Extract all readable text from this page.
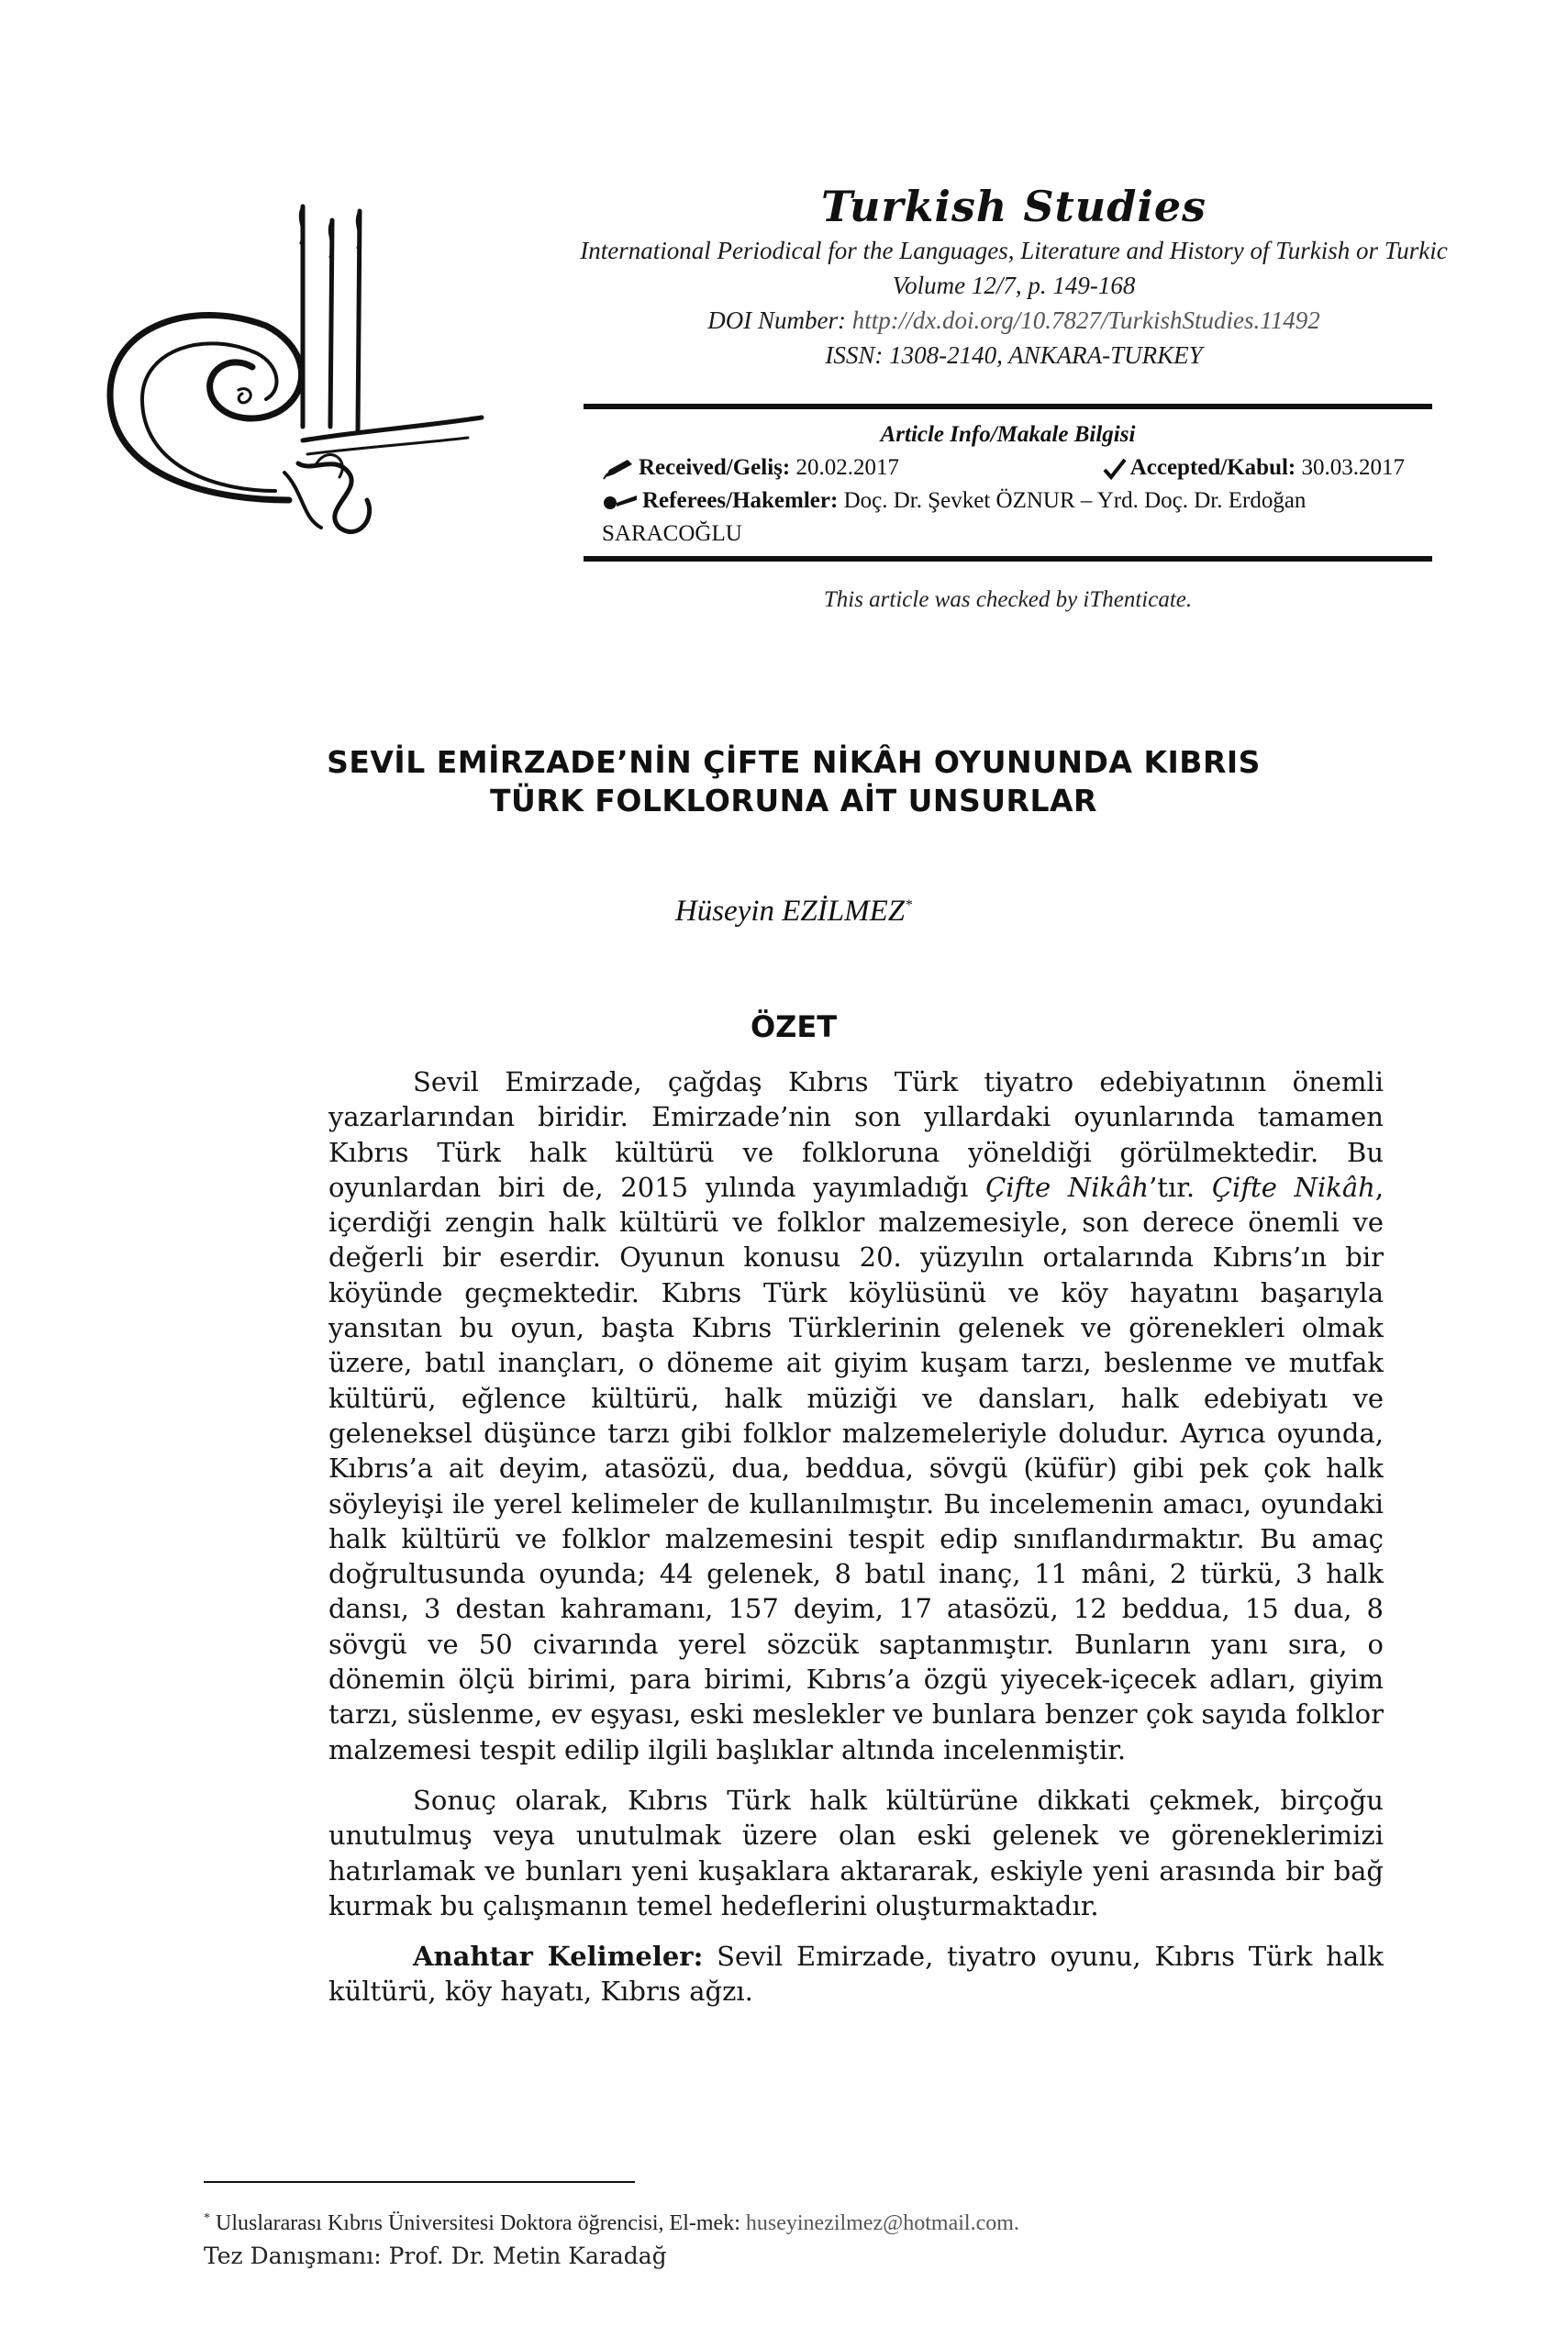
Turkish Studies
International Periodical for the Languages, Literature and History of Turkish or Turkic
Volume 12/7, p. 149-168
DOI Number: http://dx.doi.org/10.7827/TurkishStudies.11492
ISSN: 1308-2140, ANKARA-TURKEY
Article Info/Makale Bilgisi
Received/Geliş: 20.02.2017	Accepted/Kabul: 30.03.2017
Referees/Hakemler: Doç. Dr. Şevket ÖZNUR – Yrd. Doç. Dr. Erdoğan SARACOĞLU
This article was checked by iThenticate.
SEVİL EMİRZADE’NİN ÇİFTE NİKÂH OYUNUNDA KIBRIS
TÜRK FOLKLORUNA AİT UNSURLAR
Hüseyin EZİLMEZ*
ÖZET

Sevil Emirzade, çağdaş Kıbrıs Türk tiyatro edebiyatının önemli yazarlarından biridir. Emirzade’nin son yıllardaki oyunlarında tamamen Kıbrıs Türk halk kültürü ve folkloruna yöneldiği görülmektedir. Bu oyunlardan biri de, 2015 yılında yayımladığı Çifte Nikâh’tır. Çifte Nikâh, içerdiği zengin halk kültürü ve folklor malzemesiyle, son derece önemli ve değerli bir eserdir. Oyunun konusu 20. yüzyılın ortalarında Kıbrıs’ın bir köyünde geçmektedir. Kıbrıs Türk köylüsünü ve köy hayatını başarıyla yansıtan bu oyun, başta Kıbrıs Türklerinin gelenek ve görenekleri olmak üzere, batıl inançları, o döneme ait giyim kuşam tarzı, beslenme ve mutfak kültürü, eğlence kültürü, halk müziği ve dansları, halk edebiyatı ve geleneksel düşünce tarzı gibi folklor malzemeleriyle doludur. Ayrıca oyunda, Kıbrıs’a ait deyim, atasözü, dua, beddua, sövgü (küfür) gibi pek çok halk söyleyişi ile yerel kelimeler de kullanılmıştır. Bu incelemenin amacı, oyundaki halk kültürü ve folklor malzemesini tespit edip sınıflandırmaktır. Bu amaç doğrultusunda oyunda; 44 gelenek, 8 batıl inanç, 11 mâni, 2 türkü, 3 halk dansı, 3 destan kahramanı, 157 deyim, 17 atasözü, 12 beddua, 15 dua, 8 sövgü ve 50 civarında yerel sözcük saptanmıştır. Bunların yanı sıra, o dönemin ölçü birimi, para birimi, Kıbrıs’a özgü yiyecek-içecek adları, giyim tarzı, süslenme, ev eşyası, eski meslekler ve bunlara benzer çok sayıda folklor malzemesi tespit edilip ilgili başlıklar altında incelenmiştir.

Sonuç olarak, Kıbrıs Türk halk kültürüne dikkati çekmek, birçoğu unutulmuş veya unutulmak üzere olan eski gelenek ve göreneklerimizi hatırlamak ve bunları yeni kuşaklara aktararak, eskiyle yeni arasında bir bağ kurmak bu çalışmanın temel hedeflerini oluşturmaktadır.

Anahtar Kelimeler: Sevil Emirzade, tiyatro oyunu, Kıbrıs Türk halk kültürü, köy hayatı, Kıbrıs ağzı.

* Uluslararası Kıbrıs Üniversitesi Doktora öğrencisi, El-mek: huseyinezilmez@hotmail.com.
Tez Danışmanı: Prof. Dr. Metin Karadağ
